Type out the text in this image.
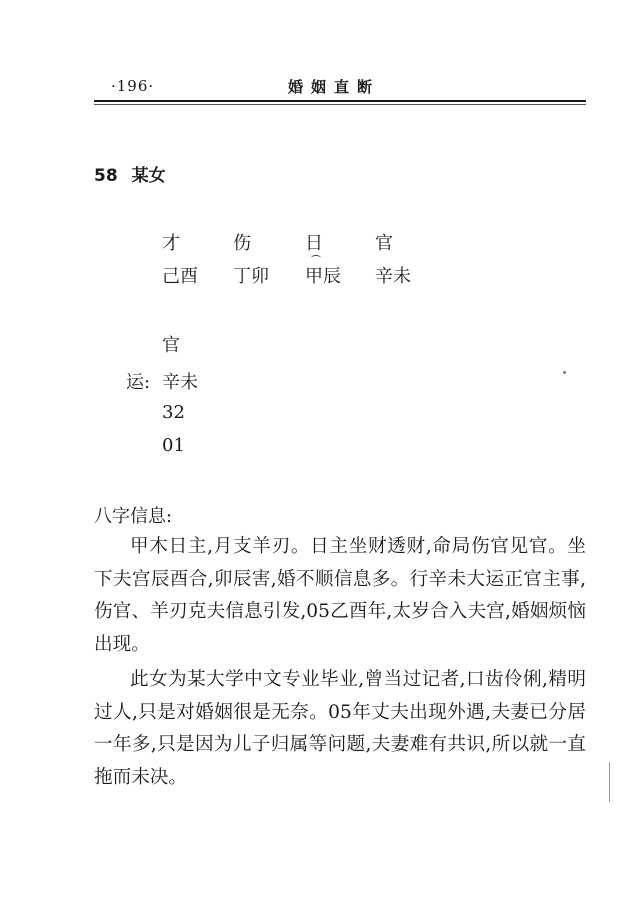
·196·	婚姻直断
58 某女
才	伤	日	官
己酉 丁卯 甲辰 辛未
官
运: 辛未
32
01
八字信息:
甲木日主,月支羊刃。日主坐财透财,命局伤官见官。坐下夫宫辰酉合,卯辰害,婚不顺信息多。行辛未大运正官主事,伤官、羊刃克夫信息引发,05乙酉年,太岁合入夫宫,婚姻烦恼出现。
此女为某大学中文专业毕业,曾当过记者,口齿伶俐,精明过人,只是对婚姻很是无奈。05年丈夫出现外遇,夫妻已分居一年多,只是因为儿子归属等问题,夫妻难有共识,所以就一直拖而未决。
